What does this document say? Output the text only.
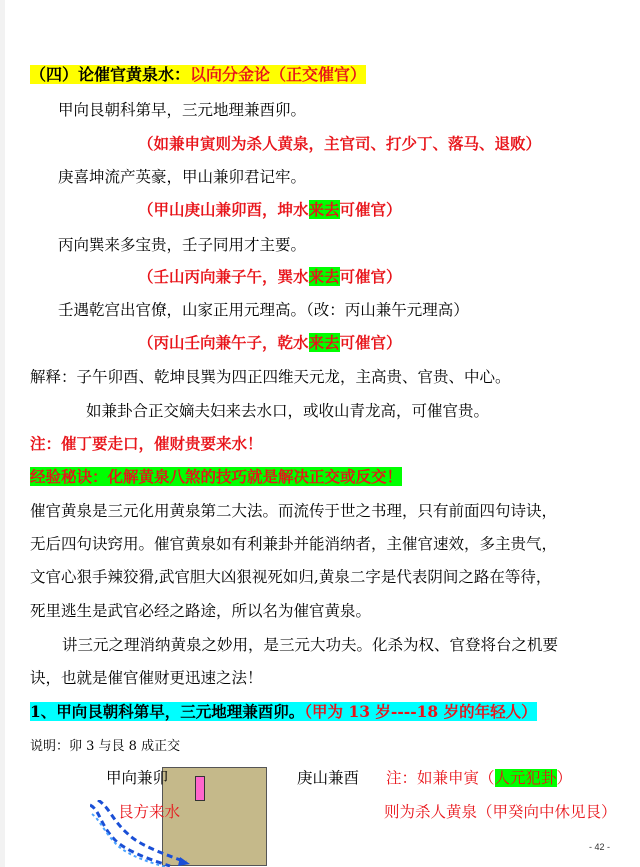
（四）论催官黄泉水：以向分金论（正交催官）
甲向艮朝科第早，三元地理兼酉卯。
（如兼申寅则为杀人黄泉，主官司、打少丁、落马、退败）
庚喜坤流产英豪，甲山兼卯君记牢。
（甲山庚山兼卯酉，坤水来去可催官）
丙向巽来多宝贵，壬子同用才主要。
（壬山丙向兼子午，巽水来去可催官）
壬遇乾宫出官僚，山家正用元理高。（改：丙山兼午元理高）
（丙山壬向兼午子，乾水来去可催官）
解释：子午卯酉、乾坤艮巽为四正四维天元龙，主高贵、官贵、中心。
如兼卦合正交嫡夫妇来去水口，或收山青龙高，可催官贵。
注：催丁要走口，催财贵要来水！
经验秘诀：化解黄泉八煞的技巧就是解决正交或反交！
催官黄泉是三元化用黄泉第二大法。而流传于世之书理，只有前面四句诗诀，
无后四句诀窍用。催官黄泉如有利兼卦并能消纳者，主催官速效，多主贵气，
文官心狠手辣狡猾,武官胆大凶狠视死如归,黄泉二字是代表阴间之路在等待，
死里逃生是武官必经之路途，所以名为催官黄泉。
讲三元之理消纳黄泉之妙用，是三元大功夫。化杀为权、官登将台之机要
诀，也就是催官催财更迅速之法！
1、甲向艮朝科第早，三元地理兼酉卯。（甲为 13 岁----18 岁的年轻人）
说明：卯 3 与艮 8 成正交
甲向兼卯	庚山兼酉 注：如兼申寅（人元犯卦）
艮方来水	则为杀人黄泉（甲癸向中休见艮）
- 42 -
